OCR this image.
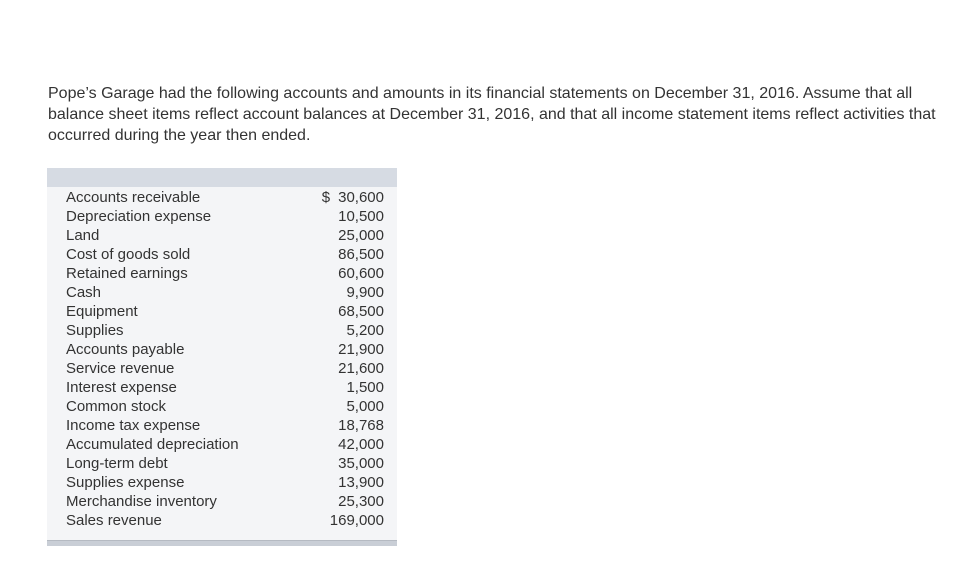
Pope’s Garage had the following accounts and amounts in its financial statements on December 31, 2016. Assume that all balance sheet items reflect account balances at December 31, 2016, and that all income statement items reflect activities that occurred during the year then ended.

Accounts receivable	$ 30,600
Depreciation expense	10,500
Land	25,000
Cost of goods sold	86,500
Retained earnings	60,600
Cash	9,900
Equipment	68,500
Supplies	5,200
Accounts payable	21,900
Service revenue	21,600
Interest expense	1,500
Common stock	5,000
Income tax expense	18,768
Accumulated depreciation	42,000
Long-term debt	35,000
Supplies expense	13,900
Merchandise inventory	25,300
Sales revenue	169,000
